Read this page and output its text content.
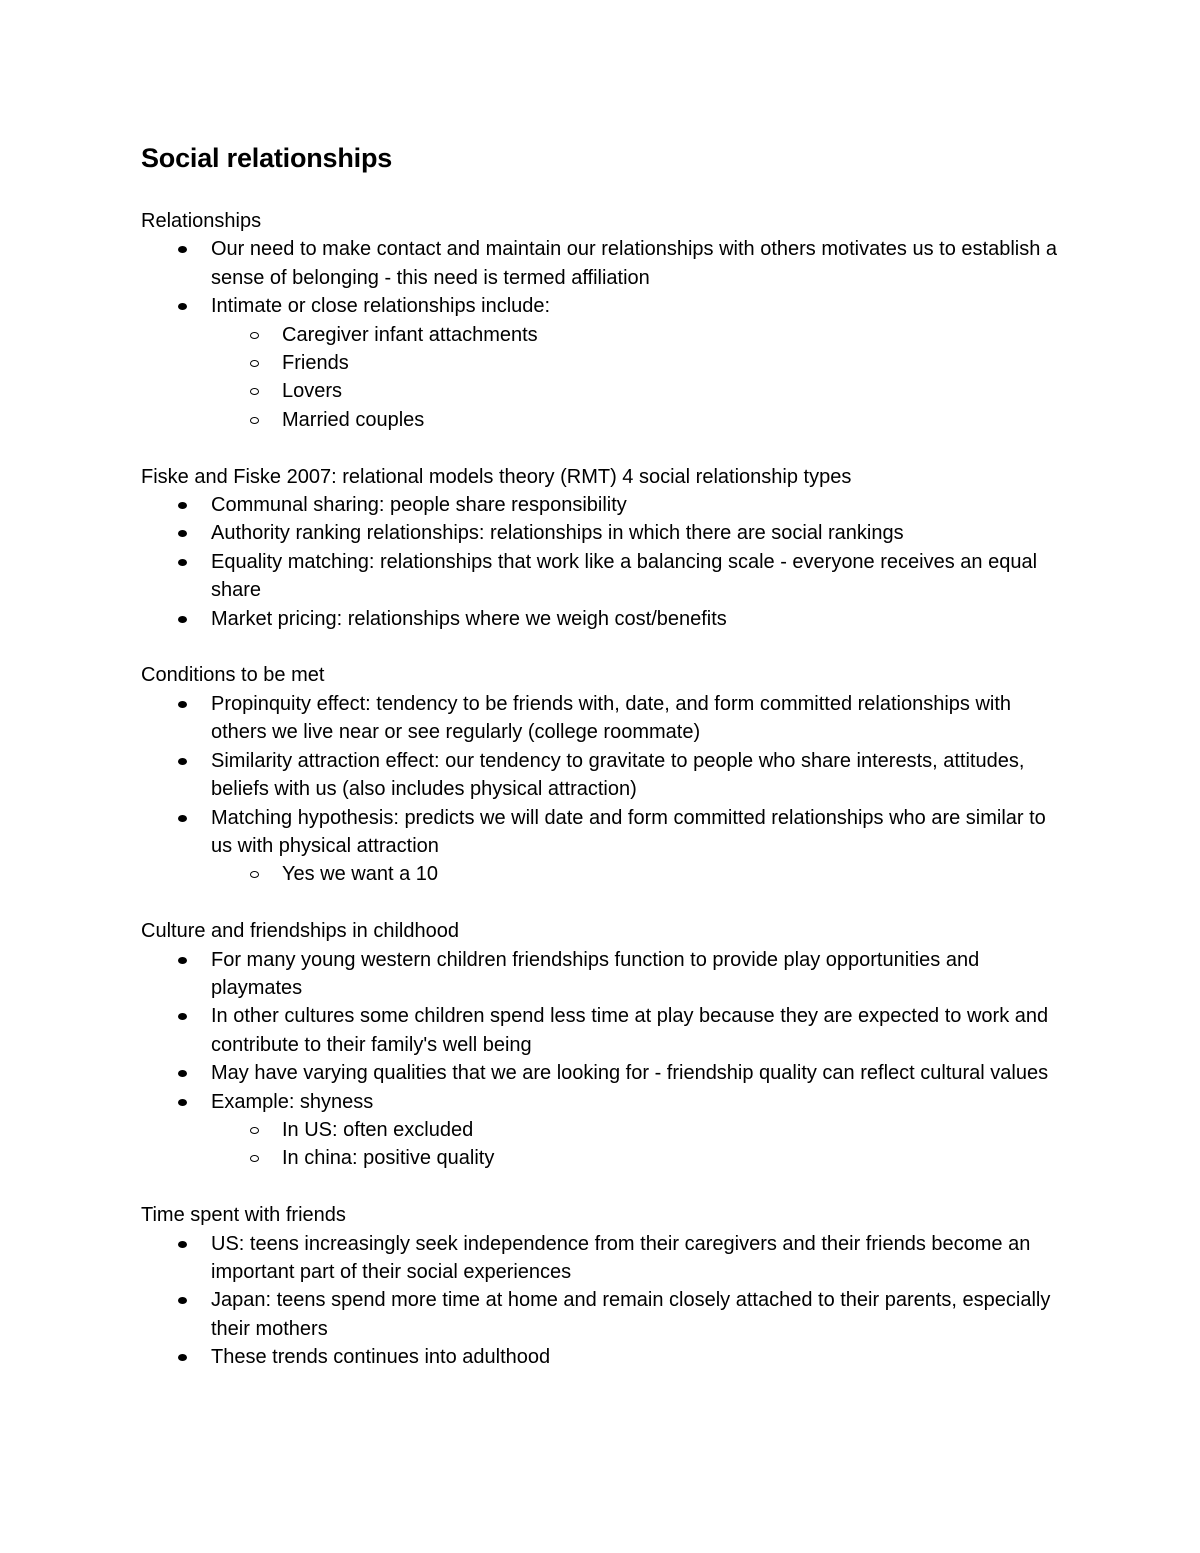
Social relationships

Relationships

Our need to make contact and maintain our relationships with others motivates us to establish a sense of belonging - this need is termed affiliation
Intimate or close relationships include:
Caregiver infant attachments
Friends
Lovers
Married couples

Fiske and Fiske 2007: relational models theory (RMT) 4 social relationship types

Communal sharing: people share responsibility
Authority ranking relationships: relationships in which there are social rankings
Equality matching: relationships that work like a balancing scale - everyone receives an equal share
Market pricing: relationships where we weigh cost/benefits

Conditions to be met

Propinquity effect: tendency to be friends with, date, and form committed relationships with others we live near or see regularly (college roommate)
Similarity attraction effect: our tendency to gravitate to people who share interests, attitudes, beliefs with us (also includes physical attraction)
Matching hypothesis: predicts we will date and form committed relationships who are similar to us with physical attraction
Yes we want a 10

Culture and friendships in childhood

For many young western children friendships function to provide play opportunities and playmates
In other cultures some children spend less time at play because they are expected to work and contribute to their family's well being
May have varying qualities that we are looking for - friendship quality can reflect cultural values
Example: shyness
In US: often excluded
In china: positive quality

Time spent with friends

US: teens increasingly seek independence from their caregivers and their friends become an important part of their social experiences
Japan: teens spend more time at home and remain closely attached to their parents, especially their mothers
These trends continues into adulthood
